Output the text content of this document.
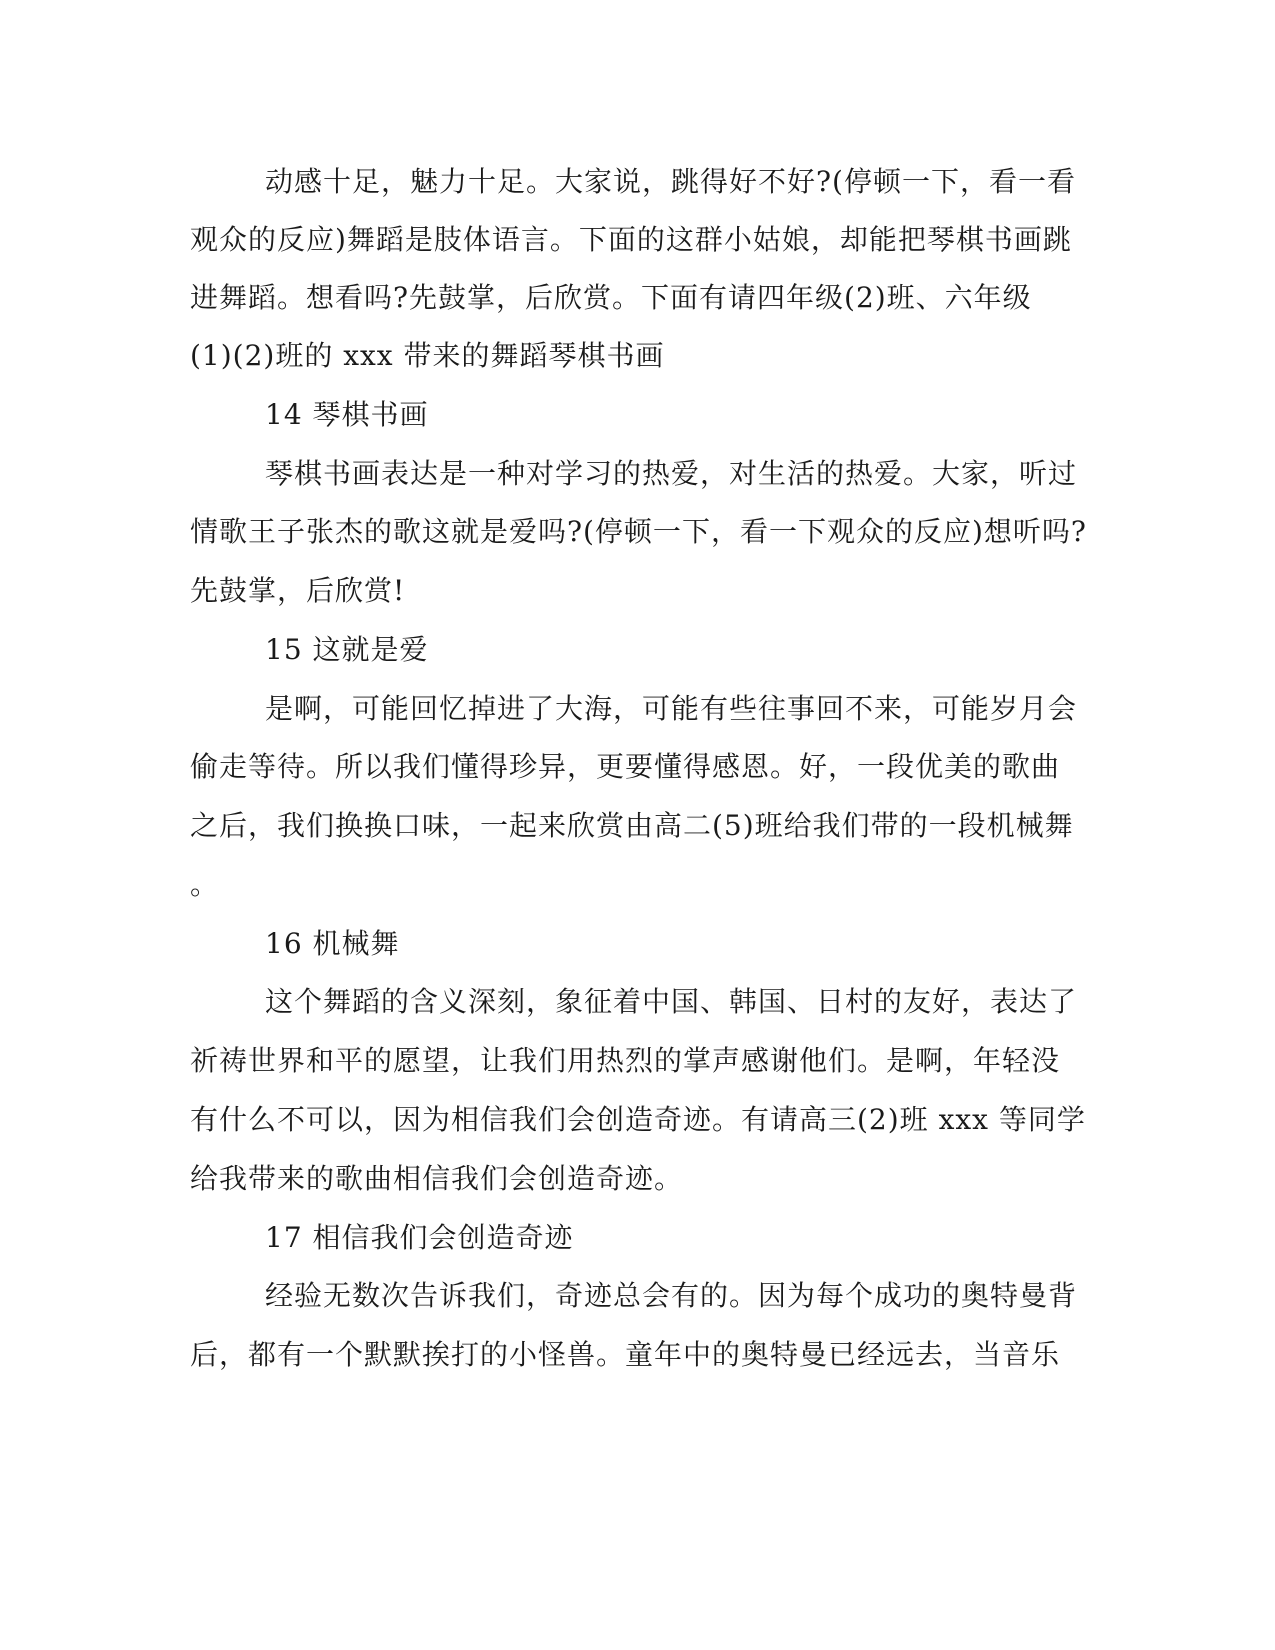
动感十足，魅力十足。大家说，跳得好不好?(停顿一下，看一看
观众的反应)舞蹈是肢体语言。下面的这群小姑娘，却能把琴棋书画跳
进舞蹈。想看吗?先鼓掌，后欣赏。下面有请四年级(2)班、六年级
(1)(2)班的 xxx 带来的舞蹈琴棋书画
14 琴棋书画
琴棋书画表达是一种对学习的热爱，对生活的热爱。大家，听过
情歌王子张杰的歌这就是爱吗?(停顿一下，看一下观众的反应)想听吗?
先鼓掌，后欣赏!
15 这就是爱
是啊，可能回忆掉进了大海，可能有些往事回不来，可能岁月会
偷走等待。所以我们懂得珍异，更要懂得感恩。好，一段优美的歌曲
之后，我们换换口味，一起来欣赏由高二(5)班给我们带的一段机械舞
。
16 机械舞
这个舞蹈的含义深刻，象征着中国、韩国、日村的友好，表达了
祈祷世界和平的愿望，让我们用热烈的掌声感谢他们。是啊，年轻没
有什么不可以，因为相信我们会创造奇迹。有请高三(2)班 xxx 等同学
给我带来的歌曲相信我们会创造奇迹。
17 相信我们会创造奇迹
经验无数次告诉我们，奇迹总会有的。因为每个成功的奥特曼背
后，都有一个默默挨打的小怪兽。童年中的奥特曼已经远去，当音乐
